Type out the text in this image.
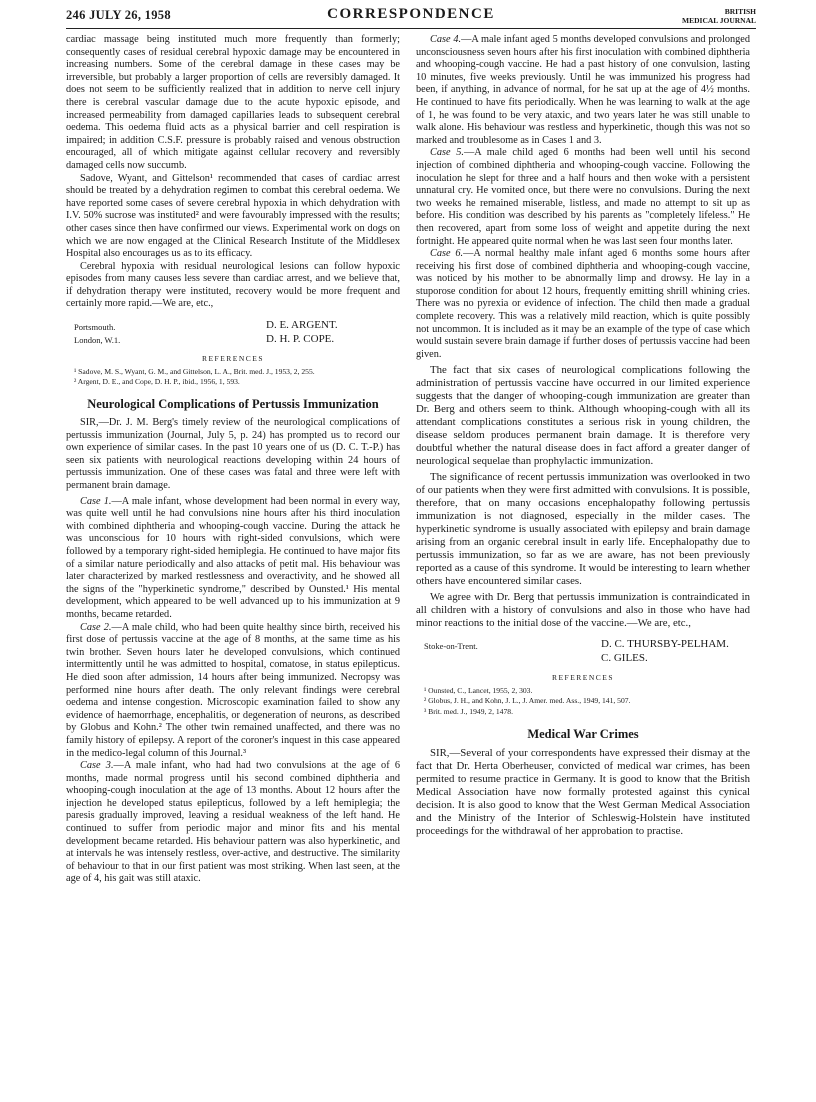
246 JULY 26, 1958	CORRESPONDENCE	BRITISH
MEDICAL JOURNAL

cardiac massage being instituted much more frequently than formerly; consequently cases of residual cerebral hypoxic damage may be encountered in increasing numbers. Some of the cerebral damage in these cases may be irreversible, but probably a larger proportion of cells are reversibly damaged. It does not seem to be sufficiently realized that in addition to nerve cell injury there is cerebral vascular damage due to the acute hypoxic episode, and increased permeability from damaged capillaries leads to subsequent cerebral oedema. This oedema fluid acts as a physical barrier and cell respiration is impaired; in addition C.S.F. pressure is probably raised and venous obstruction encouraged, all of which mitigate against cellular recovery and reversibly damaged cells now succumb.

Sadove, Wyant, and Gittelson¹ recommended that cases of cardiac arrest should be treated by a dehydration regimen to combat this cerebral oedema. We have reported some cases of severe cerebral hypoxia in which dehydration with I.V. 50% sucrose was instituted² and were favourably impressed with the results; other cases since then have confirmed our views. Experimental work on dogs on which we are now engaged at the Clinical Research Institute of the Middlesex Hospital also encourages us as to its efficacy.

Cerebral hypoxia with residual neurological lesions can follow hypoxic episodes from many causes less severe than cardiac arrest, and we believe that, if dehydration therapy were instituted, recovery would be more frequent and certainly more rapid.—We are, etc.,

Portsmouth.
London, W.1.
D. E. ARGENT.
D. H. P. COPE.
REFERENCES

¹ Sadove, M. S., Wyant, G. M., and Gittelson, L. A., Brit. med. J., 1953, 2, 255.

² Argent, D. E., and Cope, D. H. P., ibid., 1956, 1, 593.

Neurological Complications of Pertussis Immunization

SIR,—Dr. J. M. Berg's timely review of the neurological complications of pertussis immunization (Journal, July 5, p. 24) has prompted us to record our own experience of similar cases. In the past 10 years one of us (D. C. T.-P.) has seen six patients with neurological reactions developing within 24 hours of pertussis immunization. One of these cases was fatal and three were left with permanent brain damage.

Case 1.—A male infant, whose development had been normal in every way, was quite well until he had convulsions nine hours after his third inoculation with combined diphtheria and whooping-cough vaccine. During the attack he was unconscious for 10 hours with right-sided convulsions, which were followed by a temporary right-sided hemiplegia. He continued to have major fits of a similar nature periodically and also attacks of petit mal. His behaviour was later characterized by marked restlessness and overactivity, and he showed all the signs of the "hyperkinetic syndrome," described by Ounsted.¹ His mental development, which appeared to be well advanced up to his immunization at 9 months, became retarded.

Case 2.—A male child, who had been quite healthy since birth, received his first dose of pertussis vaccine at the age of 8 months, at the same time as his twin brother. Seven hours later he developed convulsions, which continued intermittently until he was admitted to hospital, comatose, in status epilepticus. He died soon after admission, 14 hours after being immunized. Necropsy was performed nine hours after death. The only relevant findings were cerebral oedema and intense congestion. Microscopic examination failed to show any evidence of haemorrhage, encephalitis, or degeneration of neurons, as described by Globus and Kohn.² The other twin remained unaffected, and there was no family history of epilepsy. A report of the coroner's inquest in this case appeared in the medico-legal column of this Journal.³

Case 3.—A male infant, who had had two convulsions at the age of 6 months, made normal progress until his second combined diphtheria and whooping-cough inoculation at the age of 13 months. About 12 hours after the injection he developed status epilepticus, followed by a left hemiplegia; the paresis gradually improved, leaving a residual weakness of the left hand. He continued to suffer from periodic major and minor fits and his mental development became retarded. His behaviour pattern was also hyperkinetic, and at intervals he was intensely restless, over-active, and destructive. The similarity of behaviour to that in our first patient was most striking. When last seen, at the age of 4, his gait was still ataxic.

Case 4.—A male infant aged 5 months developed convulsions and prolonged unconsciousness seven hours after his first inoculation with combined diphtheria and whooping-cough vaccine. He had a past history of one convulsion, lasting 10 minutes, five weeks previously. Until he was immunized his progress had been, if anything, in advance of normal, for he sat up at the age of 4½ months. He continued to have fits periodically. When he was learning to walk at the age of 1, he was found to be very ataxic, and two years later he was still unable to walk alone. His behaviour was restless and hyperkinetic, though this was not so marked and troublesome as in Cases 1 and 3.

Case 5.—A male child aged 6 months had been well until his second injection of combined diphtheria and whooping-cough vaccine. Following the inoculation he slept for three and a half hours and then woke with a persistent unnatural cry. He vomited once, but there were no convulsions. During the next two weeks he remained miserable, listless, and made no attempt to sit up as before. His condition was described by his parents as "completely lifeless." He then recovered, apart from some loss of weight and appetite during the next fortnight. He appeared quite normal when he was last seen four months later.

Case 6.—A normal healthy male infant aged 6 months some hours after receiving his first dose of combined diphtheria and whooping-cough vaccine, was noticed by his mother to be abnormally limp and drowsy. He lay in a stuporose condition for about 12 hours, frequently emitting shrill whining cries. There was no pyrexia or evidence of infection. The child then made a gradual complete recovery. This was a relatively mild reaction, which is quite possibly not uncommon. It is included as it may be an example of the type of case which would sustain severe brain damage if further doses of pertussis vaccine had been given.

The fact that six cases of neurological complications following the administration of pertussis vaccine have occurred in our limited experience suggests that the danger of whooping-cough immunization are greater than Dr. Berg and others seem to think. Although whooping-cough with all its attendant complications constitutes a serious risk in young children, the disease seldom produces permanent brain damage. It is therefore very doubtful whether the natural disease does in fact afford a greater danger of neurological sequelae than prophylactic immunization.

The significance of recent pertussis immunization was overlooked in two of our patients when they were first admitted with convulsions. It is possible, therefore, that on many occasions encephalopathy following pertussis immunization is not diagnosed, especially in the milder cases. The hyperkinetic syndrome is usually associated with epilepsy and brain damage arising from an organic cerebral insult in early life. Encephalopathy due to pertussis immunization, so far as we are aware, has not been previously reported as a cause of this syndrome. It would be interesting to learn whether others have encountered similar cases.

We agree with Dr. Berg that pertussis immunization is contraindicated in all children with a history of convulsions and also in those who have had minor reactions to the initial dose of the vaccine.—We are, etc.,

Stoke-on-Trent.	D. C. THURSBY-PELHAM.
C. GILES.
REFERENCES

¹ Ounsted, C., Lancet, 1955, 2, 303.

² Globus, J. H., and Kohn, J. L., J. Amer. med. Ass., 1949, 141, 507.

³ Brit. med. J., 1949, 2, 1478.

Medical War Crimes

SIR,—Several of your correspondents have expressed their dismay at the fact that Dr. Herta Oberheuser, convicted of medical war crimes, has been permited to resume practice in Germany. It is good to know that the British Medical Association have now formally protested against this cynical decision. It is also good to know that the West German Medical Association and the Ministry of the Interior of Schleswig-Holstein have instituted proceedings for the withdrawal of her approbation to practise.
